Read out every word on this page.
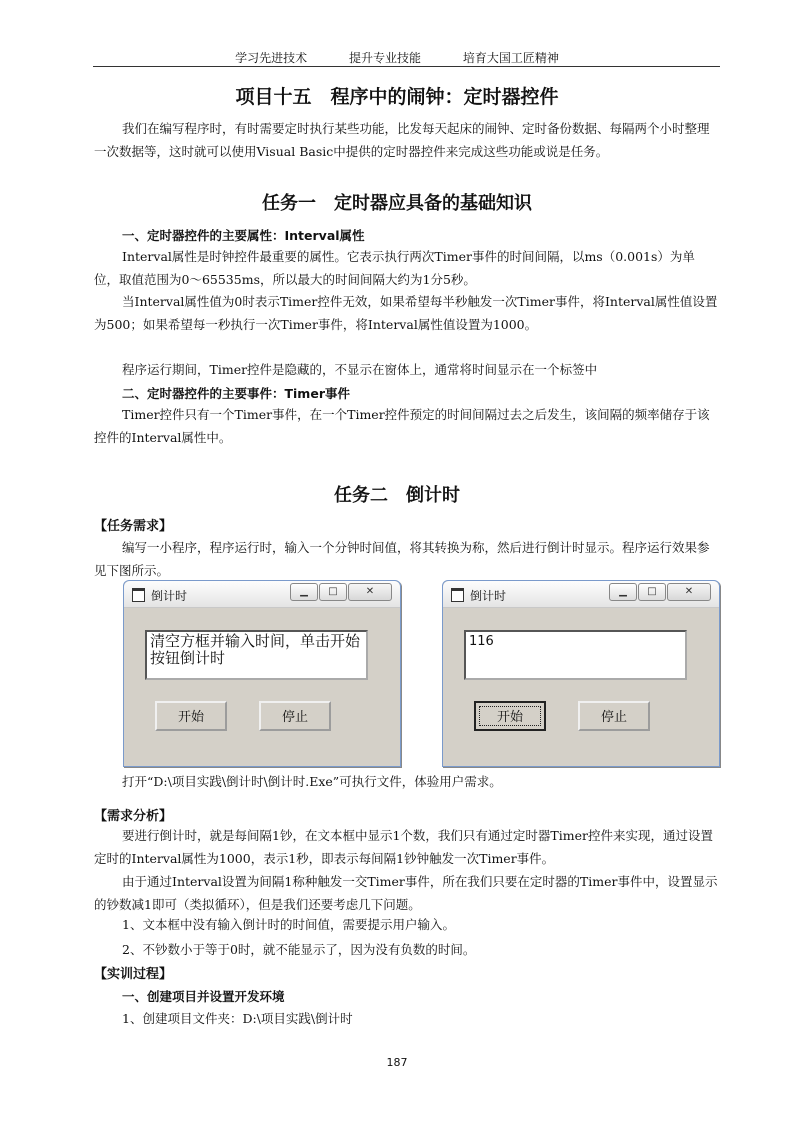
学习先进技术	提升专业技能	培育大国工匠精神
项目十五　程序中的闹钟：定时器控件
我们在编写程序时，有时需要定时执行某些功能，比发每天起床的闹钟、定时备份数据、每隔两个小时整理一次数据等，这时就可以使用Visual Basic中提供的定时器控件来完成这些功能或说是任务。
任务一　定时器应具备的基础知识
一、定时器控件的主要属性：Interval属性
Interval属性是时钟控件最重要的属性。它表示执行两次Timer事件的时间间隔，以ms（0.001s）为单位，取值范围为0～65535ms，所以最大的时间间隔大约为1分5秒。
当Interval属性值为0时表示Timer控件无效，如果希望每半秒触发一次Timer事件，将Interval属性值设置为500；如果希望每一秒执行一次Timer事件，将Interval属性值设置为1000。
程序运行期间，Timer控件是隐藏的，不显示在窗体上，通常将时间显示在一个标签中
二、定时器控件的主要事件：Timer事件
Timer控件只有一个Timer事件，在一个Timer控件预定的时间间隔过去之后发生，该间隔的频率储存于该控件的Interval属性中。
任务二　倒计时
【任务需求】
编写一小程序，程序运行时，输入一个分钟时间值，将其转换为称，然后进行倒计时显示。程序运行效果参见下图所示。
倒计时	▁	□	✕
清空方框并输入时间，单击开始按钮倒计时
开始	停止
倒计时	▁	□	✕
116
开始	停止
打开“D:\项目实践\倒计时\倒计时.Exe”可执行文件，体验用户需求。
【需求分析】
要进行倒计时，就是每间隔1钞，在文本框中显示1个数，我们只有通过定时器Timer控件来实现，通过设置定时的Interval属性为1000，表示1秒，即表示每间隔1钞钟触发一次Timer事件。
由于通过Interval设置为间隔1称种触发一交Timer事件，所在我们只要在定时器的Timer事件中，设置显示的钞数减1即可（类拟循环），但是我们还要考虑几下问题。
1、文本框中没有输入倒计时的时间值，需要提示用户输入。
2、不钞数小于等于0时，就不能显示了，因为没有负数的时间。
【实训过程】
一、创建项目并设置开发环境
1、创建项目文件夹：D:\项目实践\倒计时
187
